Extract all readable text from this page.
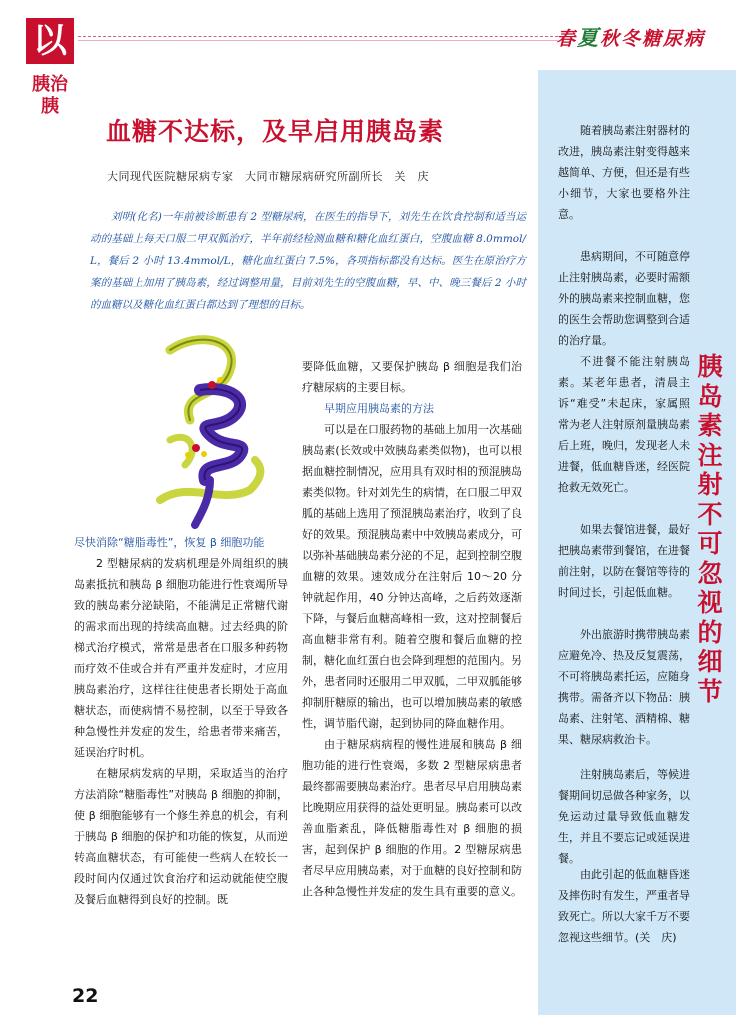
以
胰治胰
春夏秋冬糖尿病
随着胰岛素注射器材的改进，胰岛素注射变得越来越简单、方便，但还是有些小细节，大家也要格外注意。
患病期间，不可随意停止注射胰岛素，必要时需额外的胰岛素来控制血糖，您的医生会帮助您调整到合适的治疗量。
不进餐不能注射胰岛素。某老年患者，清晨主诉“难受”未起床，家属照常为老人注射原剂量胰岛素后上班，晚归，发现老人未进餐，低血糖昏迷，经医院抢救无效死亡。
如果去餐馆进餐，最好把胰岛素带到餐馆，在进餐前注射，以防在餐馆等待的时间过长，引起低血糖。
外出旅游时携带胰岛素应避免冷、热及反复震荡，不可将胰岛素托运，应随身携带。需备齐以下物品：胰岛素、注射笔、酒精棉、糖果、糖尿病救治卡。
注射胰岛素后，等候进餐期间切忌做各种家务，以免运动过量导致低血糖发生，并且不要忘记或延误进餐。
由此引起的低血糖昏迷及摔伤时有发生，严重者导致死亡。所以大家千万不要忽视这些细节。(关　庆)
胰
岛
素
注
射
不
可
忽
视
的
细
节
血糖不达标，及早启用胰岛素
大同现代医院糖尿病专家　大同市糖尿病研究所副所长　关　庆
刘明(化名)一年前被诊断患有 2 型糖尿病，在医生的指导下，刘先生在饮食控制和适当运动的基础上每天口服二甲双胍治疗，半年前经检测血糖和糖化血红蛋白，空腹血糖 8.0mmol/L，餐后 2 小时 13.4mmol/L，糖化血红蛋白 7.5%，各项指标都没有达标。医生在原治疗方案的基础上加用了胰岛素，经过调整用量，目前刘先生的空腹血糖，早、中、晚三餐后 2 小时的血糖以及糖化血红蛋白都达到了理想的目标。

尽快消除“糖脂毒性”，恢复 β 细胞功能

2 型糖尿病的发病机理是外周组织的胰岛素抵抗和胰岛 β 细胞功能进行性衰竭所导致的胰岛素分泌缺陷，不能满足正常糖代谢的需求而出现的持续高血糖。过去经典的阶梯式治疗模式，常常是患者在口服多种药物而疗效不佳或合并有严重并发症时，才应用胰岛素治疗，这样往往使患者长期处于高血糖状态，而使病情不易控制，以至于导致各种急慢性并发症的发生，给患者带来痛苦，延误治疗时机。

在糖尿病发病的早期，采取适当的治疗方法消除“糖脂毒性”对胰岛 β 细胞的抑制，使 β 细胞能够有一个修生养息的机会，有利于胰岛 β 细胞的保护和功能的恢复，从而逆转高血糖状态，有可能使一些病人在较长一段时间内仅通过饮食治疗和运动就能使空腹及餐后血糖得到良好的控制。既

要降低血糖，又要保护胰岛 β 细胞是我们治疗糖尿病的主要目标。

早期应用胰岛素的方法

可以是在口服药物的基础上加用一次基础胰岛素(长效或中效胰岛素类似物)，也可以根据血糖控制情况，应用具有双时相的预混胰岛素类似物。针对刘先生的病情，在口服二甲双胍的基础上选用了预混胰岛素治疗，收到了良好的效果。预混胰岛素中中效胰岛素成分，可以弥补基础胰岛素分泌的不足，起到控制空腹血糖的效果。速效成分在注射后 10～20 分钟就起作用，40 分钟达高峰，之后药效逐渐下降，与餐后血糖高峰相一致，这对控制餐后高血糖非常有利。随着空腹和餐后血糖的控制，糖化血红蛋白也会降到理想的范围内。另外，患者同时还服用二甲双胍，二甲双胍能够抑制肝糖原的输出，也可以增加胰岛素的敏感性，调节脂代谢，起到协同的降血糖作用。

由于糖尿病病程的慢性进展和胰岛 β 细胞功能的进行性衰竭，多数 2 型糖尿病患者最终都需要胰岛素治疗。患者尽早启用胰岛素比晚期应用获得的益处更明显。胰岛素可以改善血脂紊乱，降低糖脂毒性对 β 细胞的损害，起到保护 β 细胞的作用。2 型糖尿病患者尽早应用胰岛素，对于血糖的良好控制和防止各种急慢性并发症的发生具有重要的意义。

22
